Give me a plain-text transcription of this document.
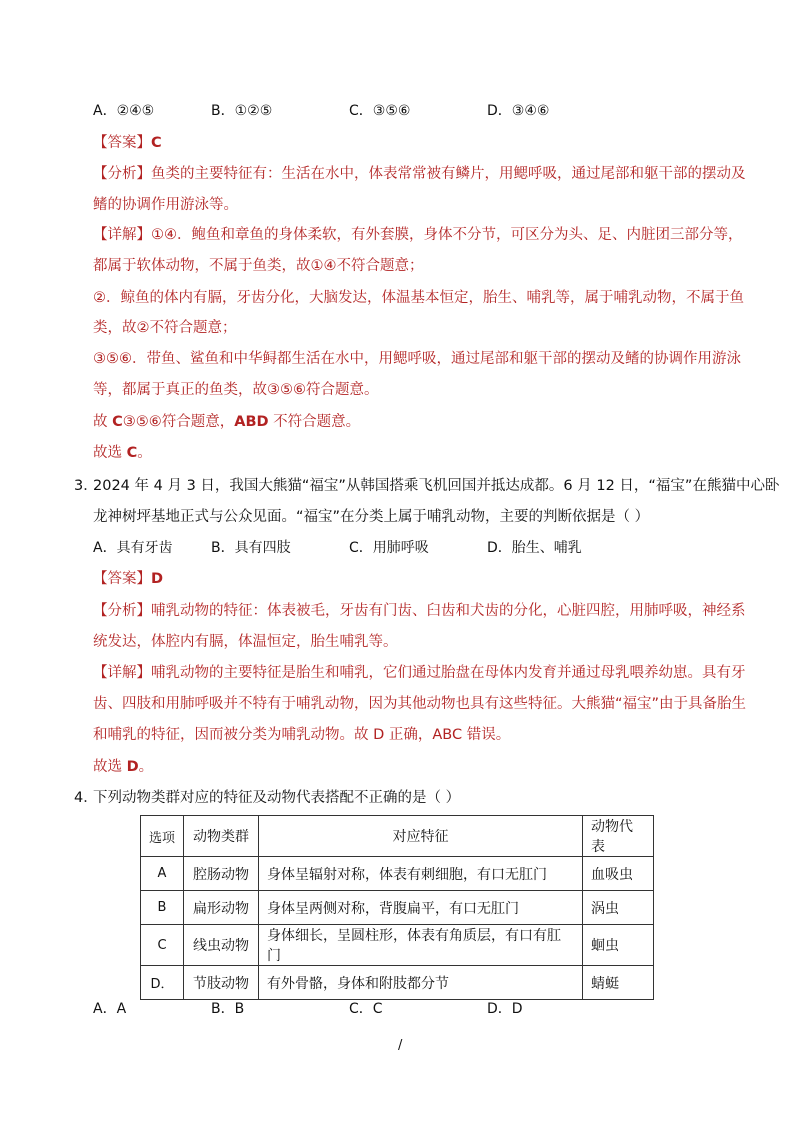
A．②④⑤	B．①②⑤	C．③⑤⑥	D．③④⑥
【答案】C
【分析】鱼类的主要特征有：生活在水中，体表常常被有鳞片，用鳃呼吸，通过尾部和躯干部的摆动及
鳍的协调作用游泳等。
【详解】①④．鲍鱼和章鱼的身体柔软，有外套膜，身体不分节，可区分为头、足、内脏团三部分等，
都属于软体动物，不属于鱼类，故①④不符合题意；
②．鲸鱼的体内有膈，牙齿分化，大脑发达，体温基本恒定，胎生、哺乳等，属于哺乳动物，不属于鱼
类，故②不符合题意；
③⑤⑥．带鱼、鲨鱼和中华鲟都生活在水中，用鳃呼吸，通过尾部和躯干部的摆动及鳍的协调作用游泳
等，都属于真正的鱼类，故③⑤⑥符合题意。
故 C③⑤⑥符合题意，ABD 不符合题意。
故选 C。
3．
2024 年 4 月 3 日，我国大熊猫“福宝”从韩国搭乘飞机回国并抵达成都。6 月 12 日，“福宝”在熊猫中心卧
龙神树坪基地正式与公众见面。“福宝”在分类上属于哺乳动物，主要的判断依据是（ ）
A．具有牙齿	B．具有四肢	C．用肺呼吸	D．胎生、哺乳
【答案】D
【分析】哺乳动物的特征：体表被毛，牙齿有门齿、臼齿和犬齿的分化，心脏四腔，用肺呼吸，神经系
统发达，体腔内有膈，体温恒定，胎生哺乳等。
【详解】哺乳动物的主要特征是胎生和哺乳，它们通过胎盘在母体内发育并通过母乳喂养幼崽。具有牙
齿、四肢和用肺呼吸并不特有于哺乳动物，因为其他动物也具有这些特征。大熊猫“福宝”由于具备胎生
和哺乳的特征，因而被分类为哺乳动物。故 D 正确，ABC 错误。
故选 D。
4．
下列动物类群对应的特征及动物代表搭配不正确的是（ ）
选项	动物类群	对应特征	动物代表
A	腔肠动物	身体呈辐射对称，体表有刺细胞，有口无肛门	血吸虫
B	扁形动物	身体呈两侧对称，背腹扁平，有口无肛门	涡虫
C	线虫动物	身体细长，呈圆柱形，体表有角质层，有口有肛门	蛔虫
D．	节肢动物	有外骨骼，身体和附肢都分节	蜻蜓
A．A	B．B	C．C	D．D
/
